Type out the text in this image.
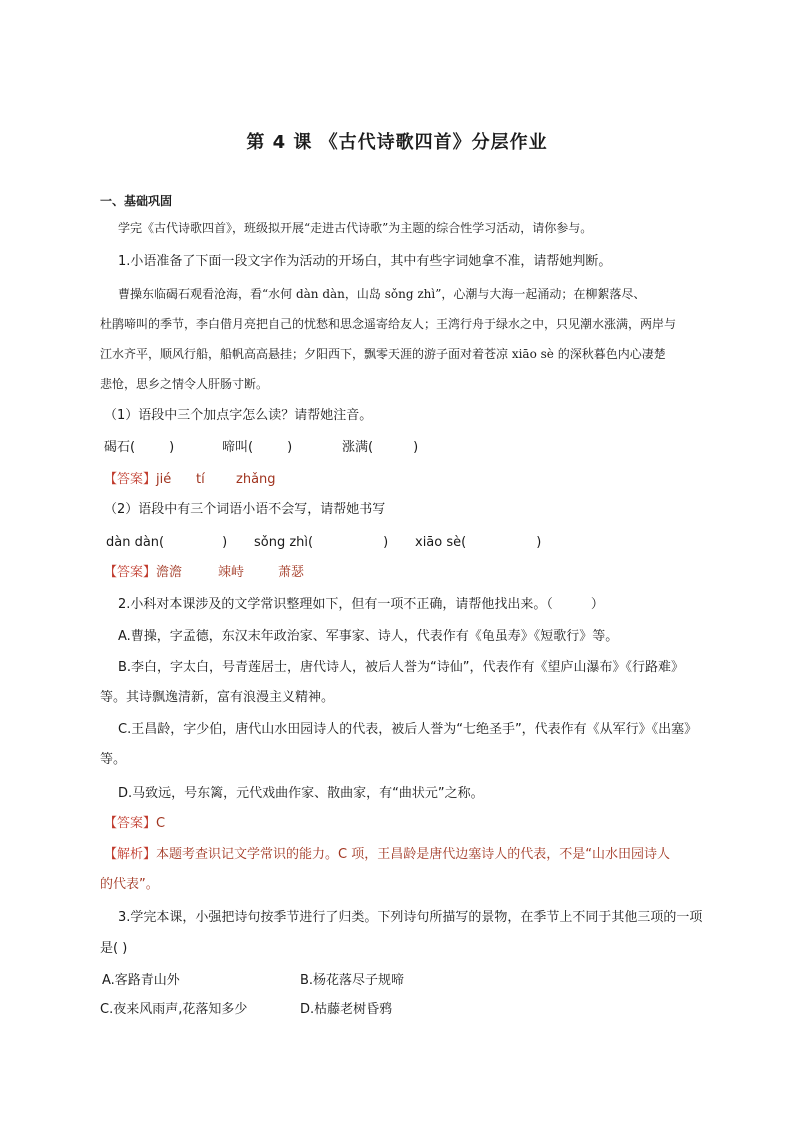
第 4 课 《古代诗歌四首》分层作业
一、基础巩固
学完《古代诗歌四首》，班级拟开展“走进古代诗歌”为主题的综合性学习活动，请你参与。
1.小语准备了下面一段文字作为活动的开场白，其中有些字词她拿不准，请帮她判断。
曹操东临碣石观看沧海，看“水何 dàn dàn，山岛 sǒng zhì”，心潮与大海一起涌动；在柳絮落尽、
杜鹃啼叫的季节，李白借月亮把自己的忧愁和思念遥寄给友人；王湾行舟于绿水之中，只见潮水涨满，两岸与
江水齐平，顺风行船，船帆高高悬挂；夕阳西下，飘零天涯的游子面对着苍凉 xiāo sè 的深秋暮色内心凄楚
悲怆，思乡之情令人肝肠寸断。
（1）语段中三个加点字怎么读？请帮她注音。
碣石(	)	啼叫(	)	涨满(	)
【答案】jié tí zhǎng
（2）语段中有三个词语小语不会写，请帮她书写
dàn dàn(	) sǒng zhì(	) xiāo sè(	)
【答案】澹澹	竦峙	萧瑟
2.小科对本课涉及的文学常识整理如下，但有一项不正确，请帮他找出来。（	）
A.曹操，字孟德，东汉末年政治家、军事家、诗人，代表作有《龟虽寿》《短歌行》等。
B.李白，字太白，号青莲居士，唐代诗人，被后人誉为“诗仙”，代表作有《望庐山瀑布》《行路难》
等。其诗飘逸清新，富有浪漫主义精神。
C.王昌龄，字少伯，唐代山水田园诗人的代表，被后人誉为“七绝圣手”，代表作有《从军行》《出塞》
等。
D.马致远，号东篱，元代戏曲作家、散曲家，有“曲状元”之称。
【答案】C
【解析】本题考查识记文学常识的能力。C 项，王昌龄是唐代边塞诗人的代表，不是“山水田园诗人
的代表”。
3.学完本课，小强把诗句按季节进行了归类。下列诗句所描写的景物，在季节上不同于其他三项的一项
是( )
A.客路青山外	B.杨花落尽子规啼
C.夜来风雨声,花落知多少	D.枯藤老树昏鸦
